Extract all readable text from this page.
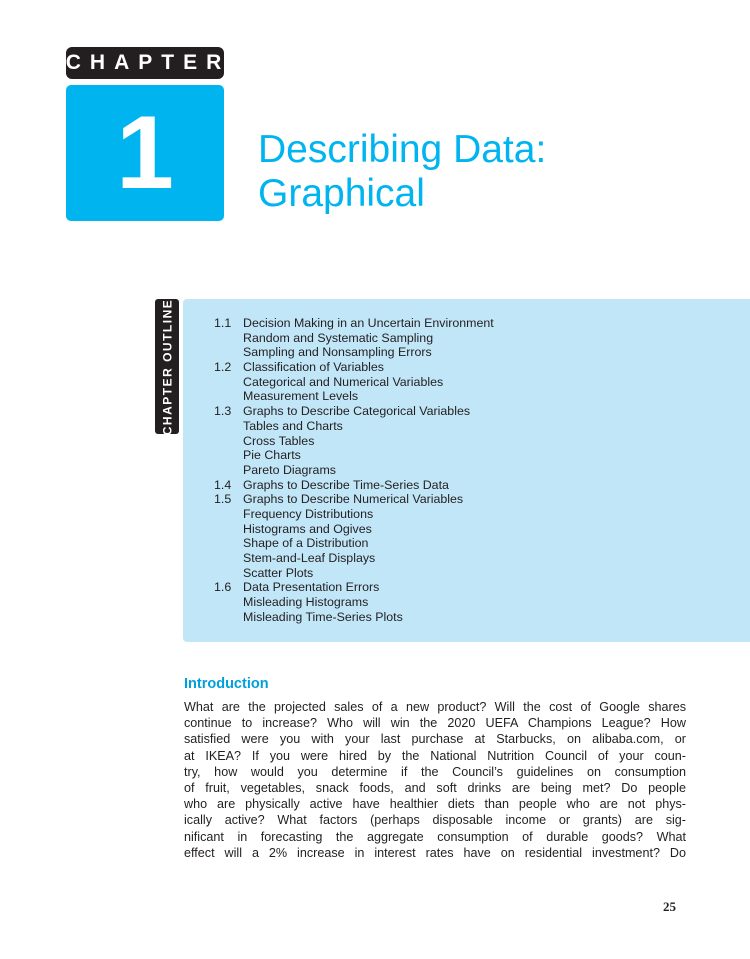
CHAPTER
1	Describing Data:
Graphical
CHAPTER OUTLINE	1.1 Decision Making in an Uncertain Environment
Random and Systematic Sampling
Sampling and Nonsampling Errors
1.2 Classification of Variables
Categorical and Numerical Variables
Measurement Levels
1.3 Graphs to Describe Categorical Variables
Tables and Charts
Cross Tables
Pie Charts
Pareto Diagrams
1.4 Graphs to Describe Time-Series Data
1.5 Graphs to Describe Numerical Variables
Frequency Distributions
Histograms and Ogives
Shape of a Distribution
Stem-and-Leaf Displays
Scatter Plots
1.6 Data Presentation Errors
Misleading Histograms
Misleading Time-Series Plots
Introduction

What are the projected sales of a new product? Will the cost of Google shares
continue to increase? Who will win the 2020 UEFA Champions League? How
satisfied were you with your last purchase at Starbucks, on alibaba.com, or
at IKEA? If you were hired by the National Nutrition Council of your coun-
try, how would you determine if the Council’s guidelines on consumption
of fruit, vegetables, snack foods, and soft drinks are being met? Do people
who are physically active have healthier diets than people who are not phys-
ically active? What factors (perhaps disposable income or grants) are sig-
nificant in forecasting the aggregate consumption of durable goods? What
effect will a 2% increase in interest rates have on residential investment? Do

25
